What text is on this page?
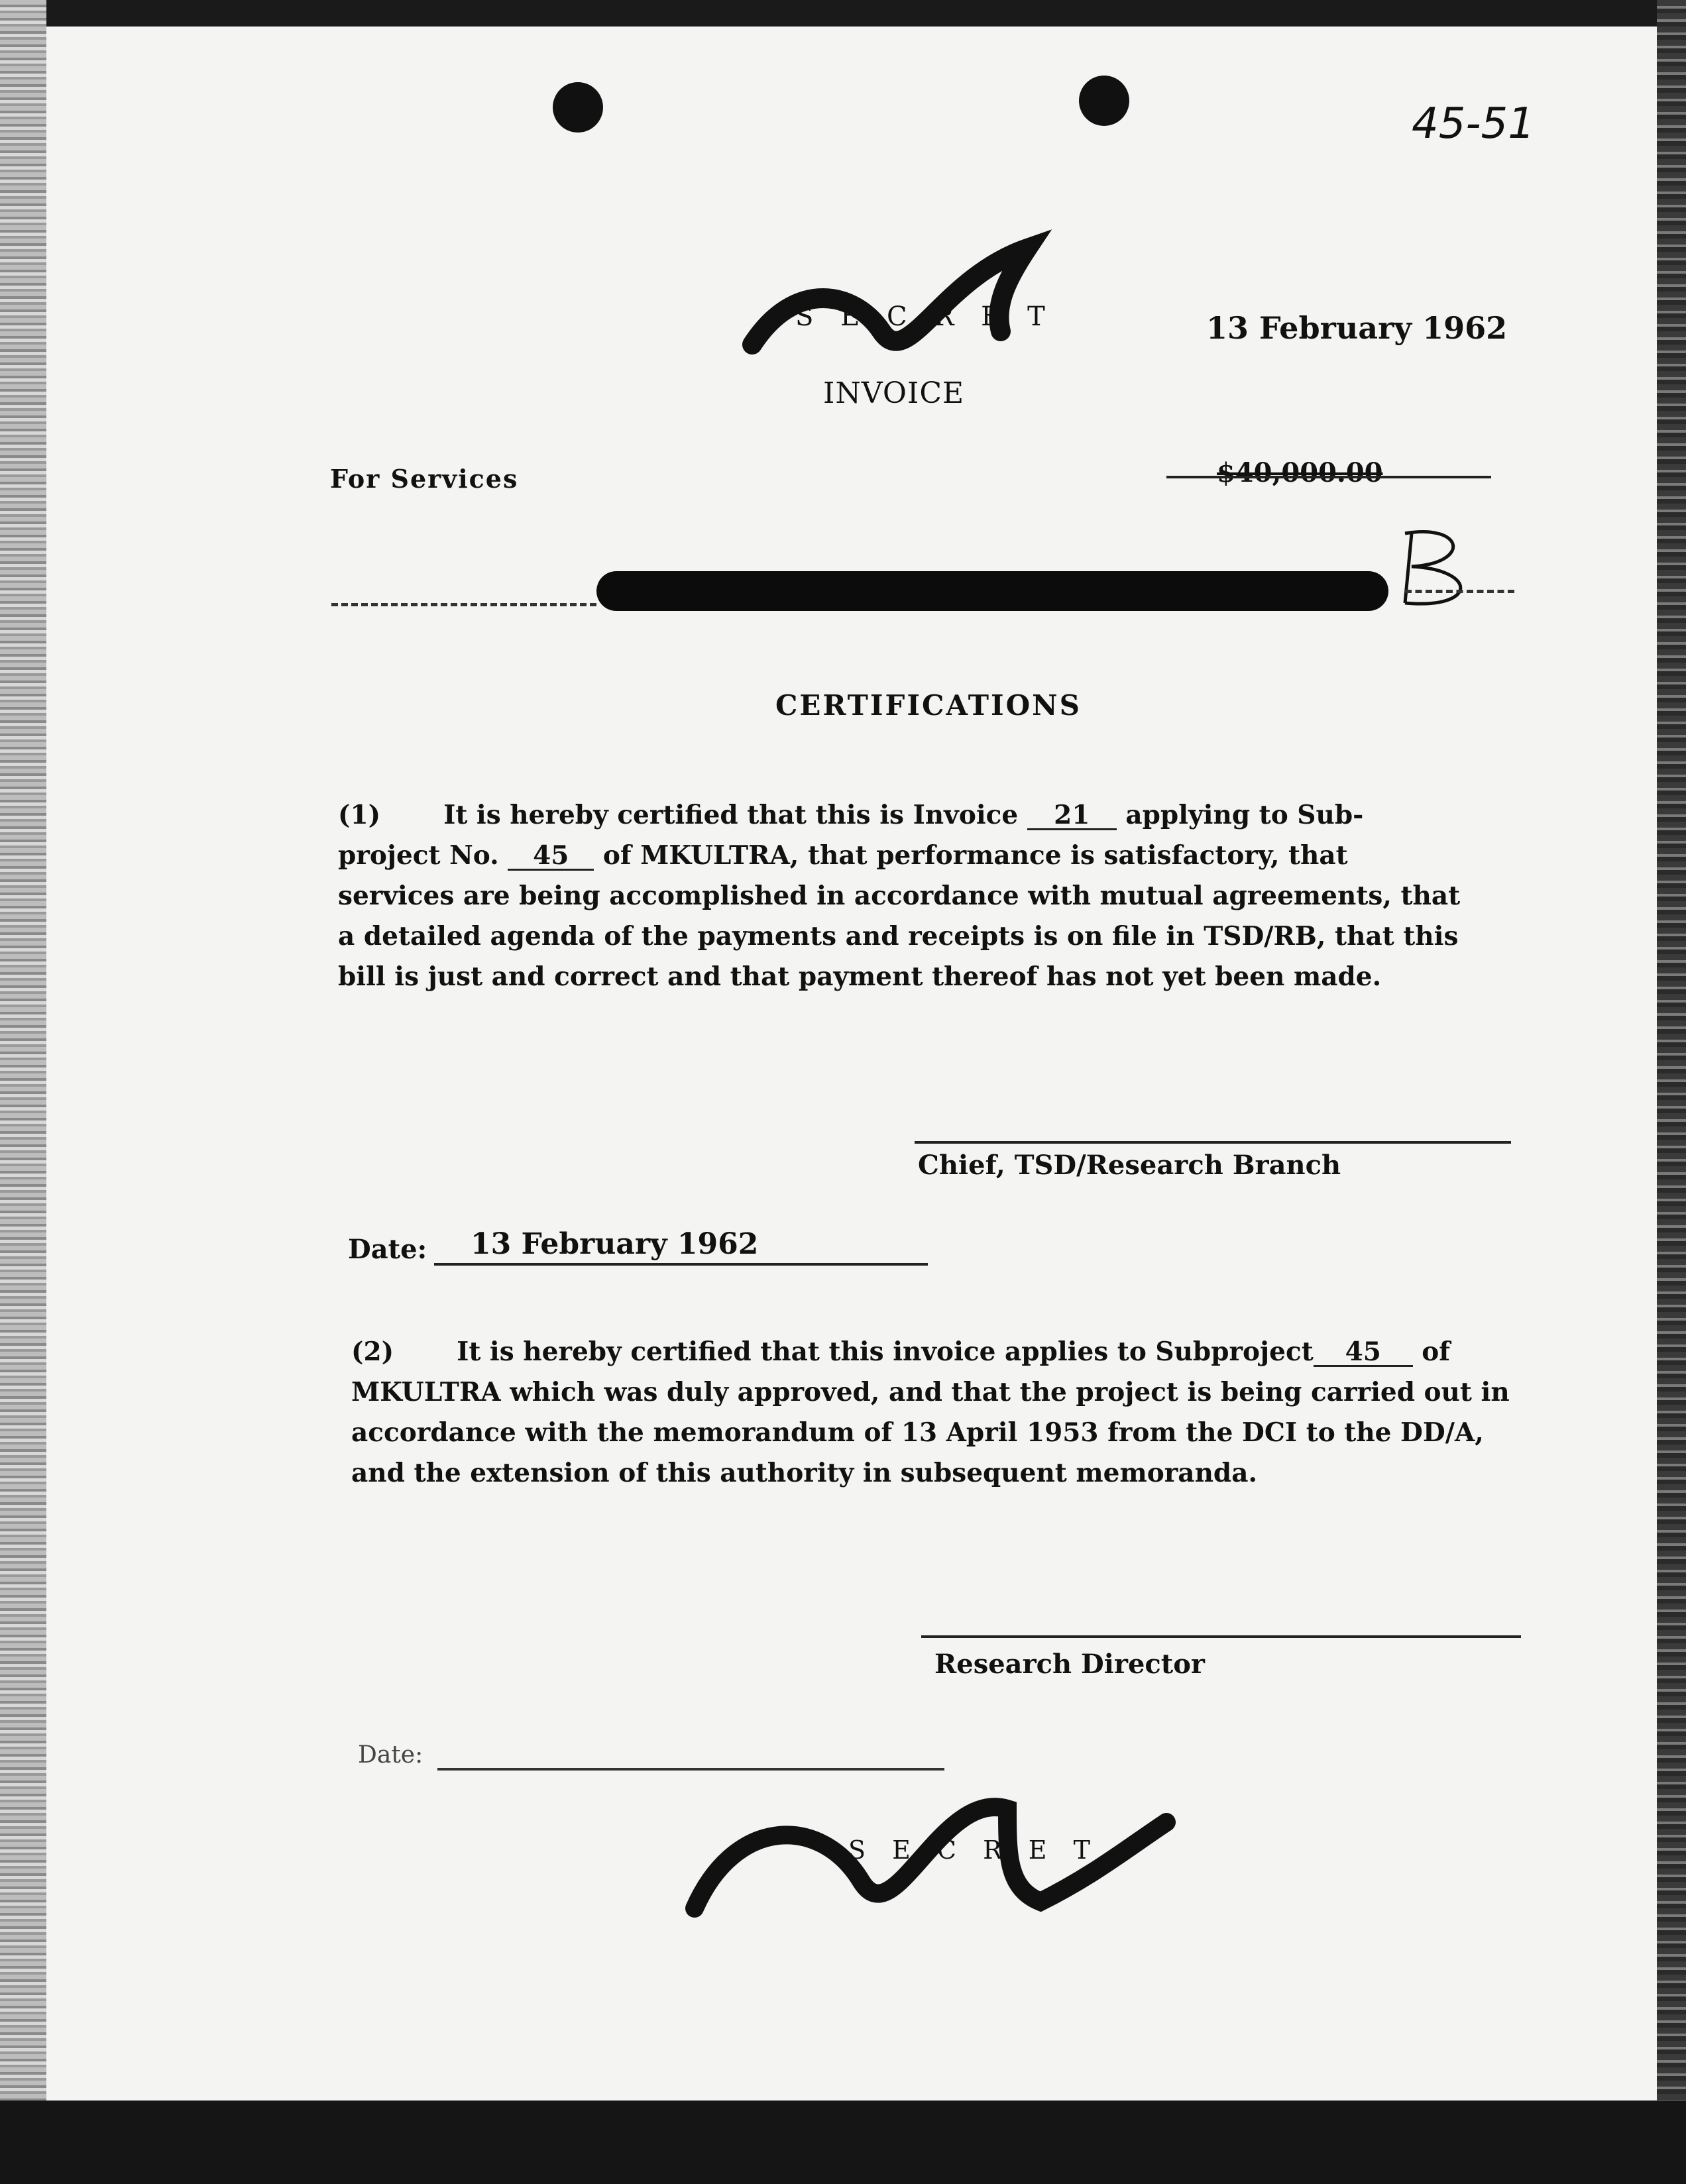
45-51

S E C R E T	13 February 1962

INVOICE

For Services	$40,000.00

CERTIFICATIONS

(1) It is hereby certified that this is Invoice 21 applying to Sub-project No. 45 of MKULTRA, that performance is satisfactory, that services are being accomplished in accordance with mutual agreements, that a detailed agenda of the payments and receipts is on file in TSD/RB, that this bill is just and correct and that payment thereof has not yet been made.

Chief, TSD/Research Branch

Date: 13 February 1962

(2) It is hereby certified that this invoice applies to Subproject 45 of MKULTRA which was duly approved, and that the project is being carried out in accordance with the memorandum of 13 April 1953 from the DCI to the DD/A, and the extension of this authority in subsequent memoranda.

Research Director

Date:

S E C R E T
